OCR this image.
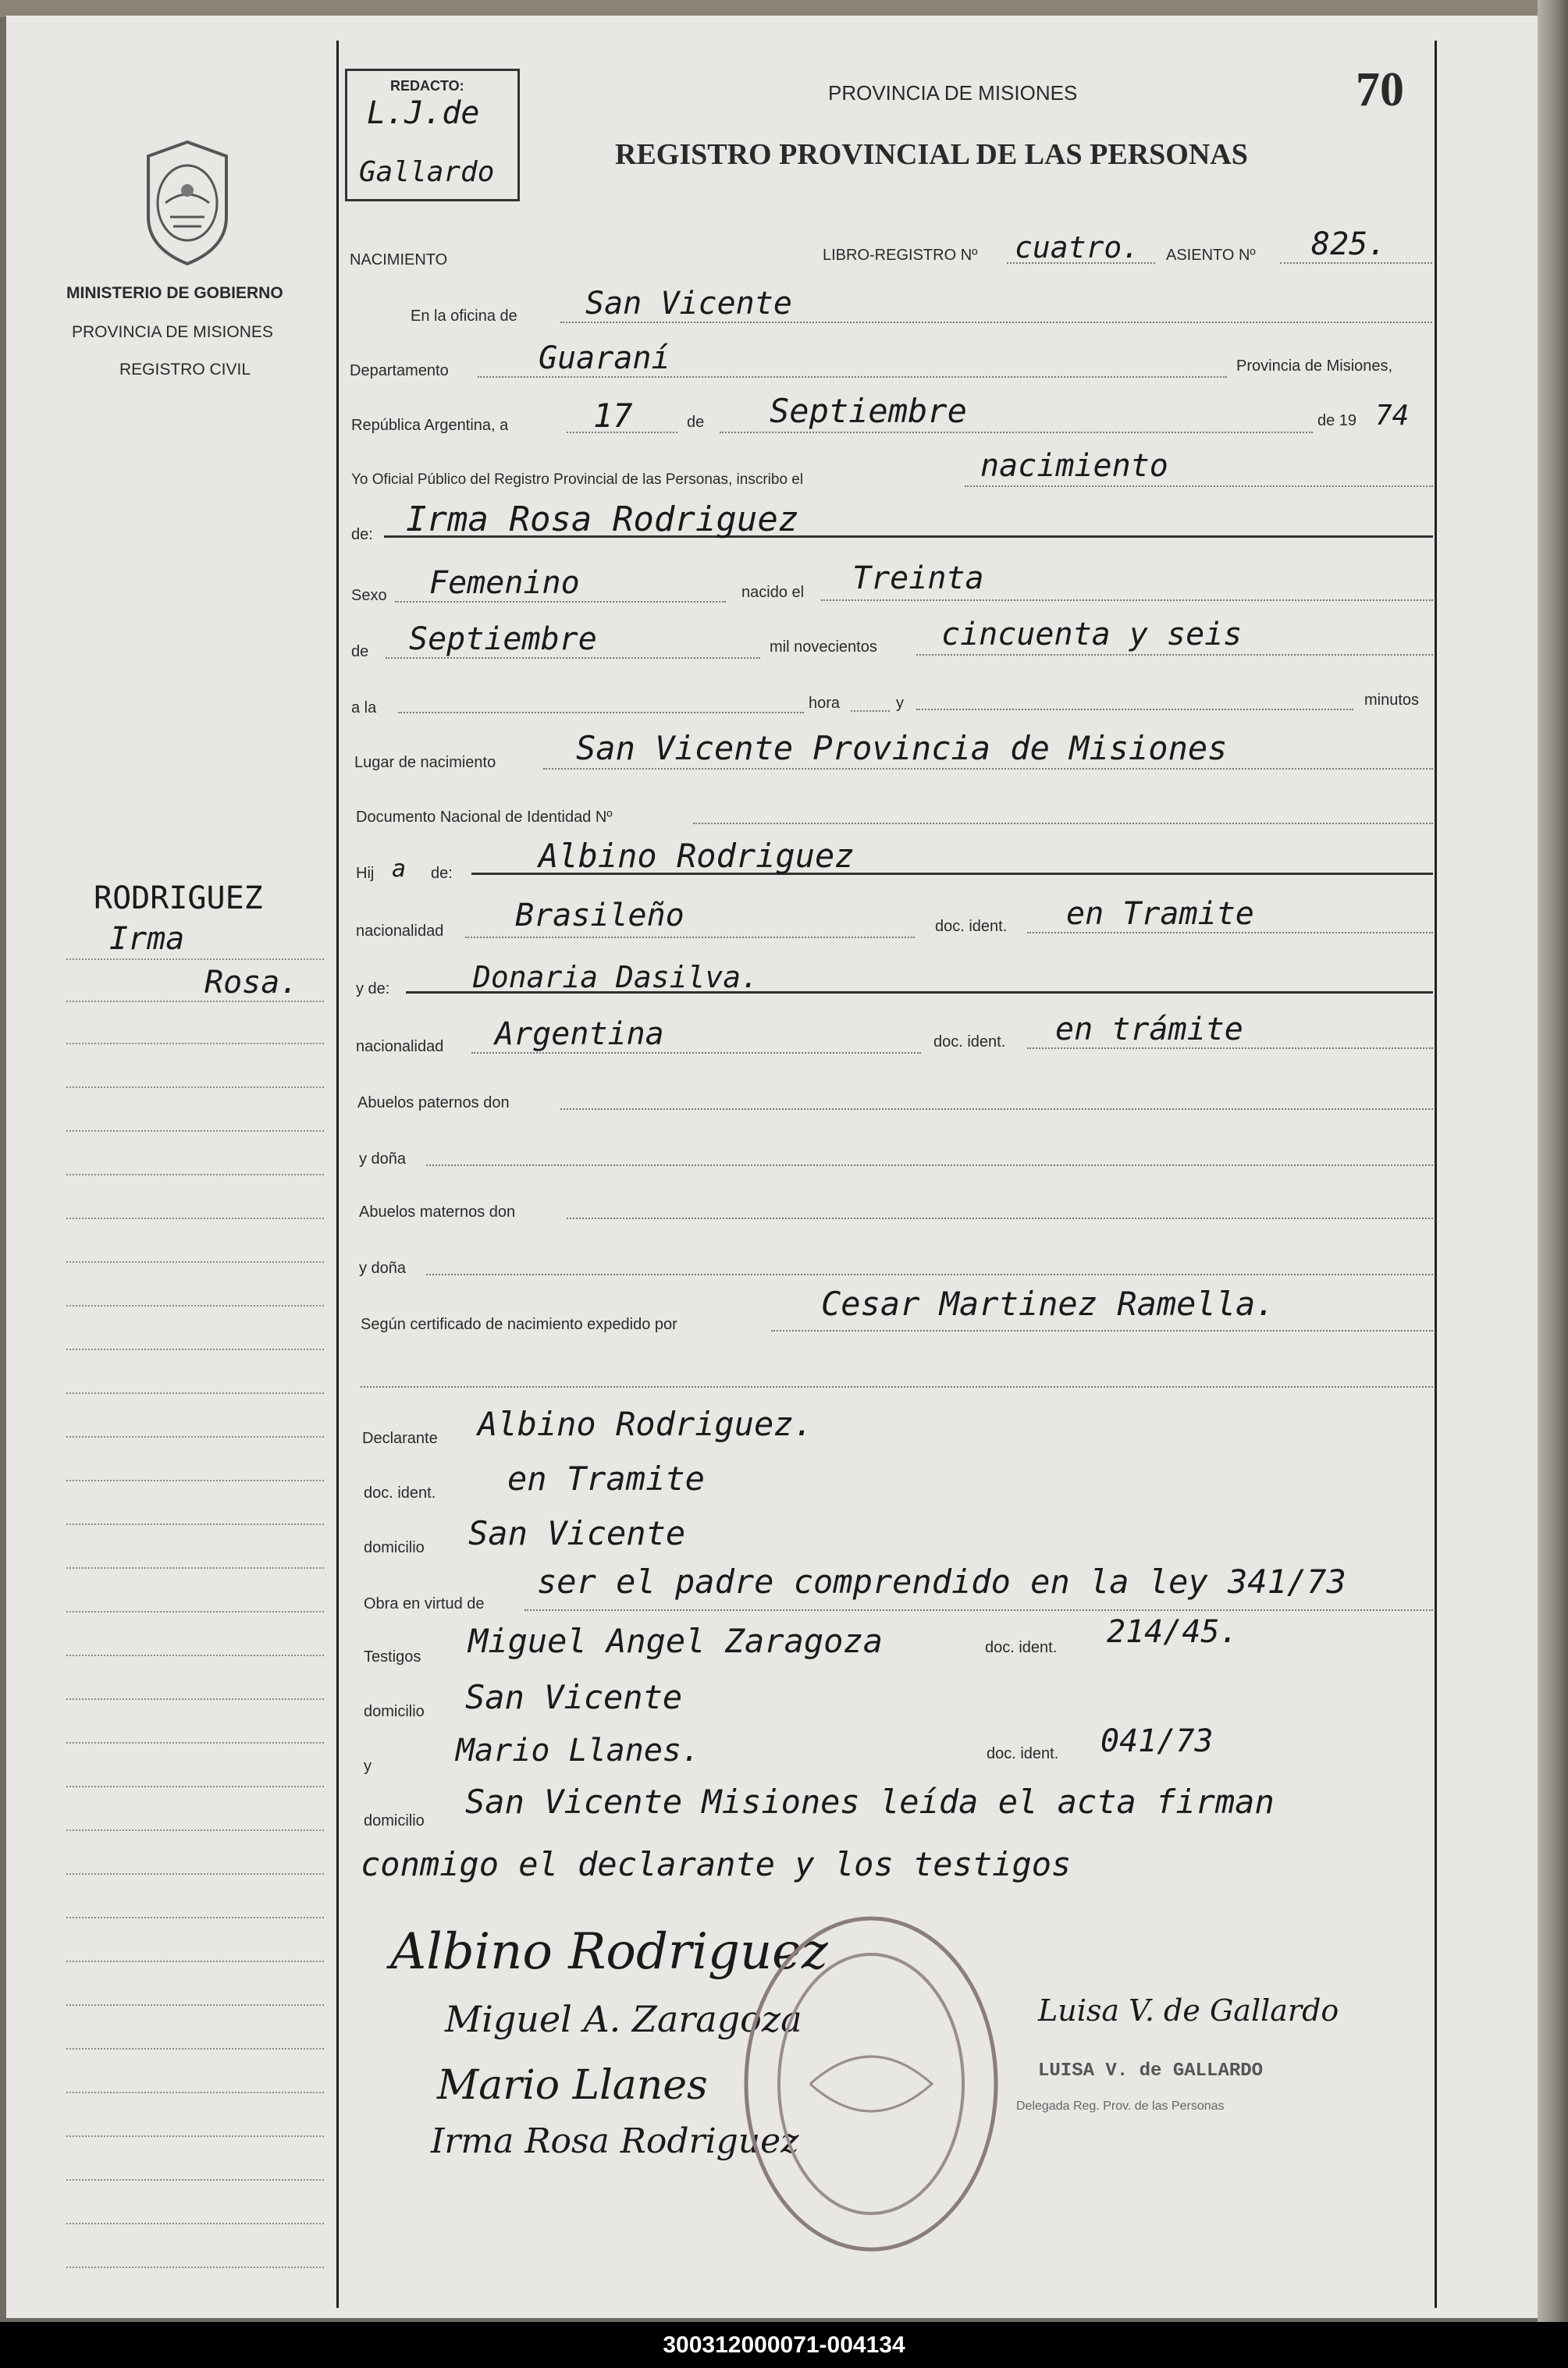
MINISTERIO DE GOBIERNO
PROVINCIA DE MISIONES
REGISTRO CIVIL
REDACTO:
L.J.de
Gallardo
PROVINCIA DE MISIONES	70
REGISTRO PROVINCIAL DE LAS PERSONAS
NACIMIENTO	LIBRO-REGISTRO Nº cuatro. ASIENTO Nº 825.
En la oficina de San Vicente
Departamento	Guaraní	Provincia de Misiones,
República Argentina, a	17	de Septiembre	de 19 74
Yo Oficial Público del Registro Provincial de las Personas, inscribo el	nacimiento
de: Irma Rosa Rodriguez
Sexo Femenino	nacido el Treinta
de Septiembre	mil novecientos cincuenta y seis
a la	hora	y	minutos
Lugar de nacimiento San Vicente Provincia de Misiones
Documento Nacional de Identidad Nº
Hij a de:	Albino Rodriguez
nacionalidad Brasileño	doc. ident. en Tramite
y de:	Donaria Dasilva.
nacionalidad Argentina	doc. ident. en trámite
Abuelos paternos don
y doña
Abuelos maternos don
y doña
Según certificado de nacimiento expedido por
Cesar Martinez Ramella.
Declarante Albino Rodriguez.
doc. ident. en Tramite
domicilio San Vicente
Obra en virtud de
ser el padre comprendido en la ley 341/73
Testigos Miguel Angel Zaragoza	doc. ident. 214/45.
domicilio San Vicente
y	Mario Llanes.	doc. ident. 041/73
domicilio San Vicente Misiones leída el acta firman
conmigo el declarante y los testigos
RODRIGUEZ
Irma
Rosa.
Albino Rodriguez
Miguel A. Zaragoza
Mario Llanes
Irma Rosa Rodriguez
Luisa V. de Gallardo
LUISA V. de GALLARDO
Delegada Reg. Prov. de las Personas
300312000071-004134
